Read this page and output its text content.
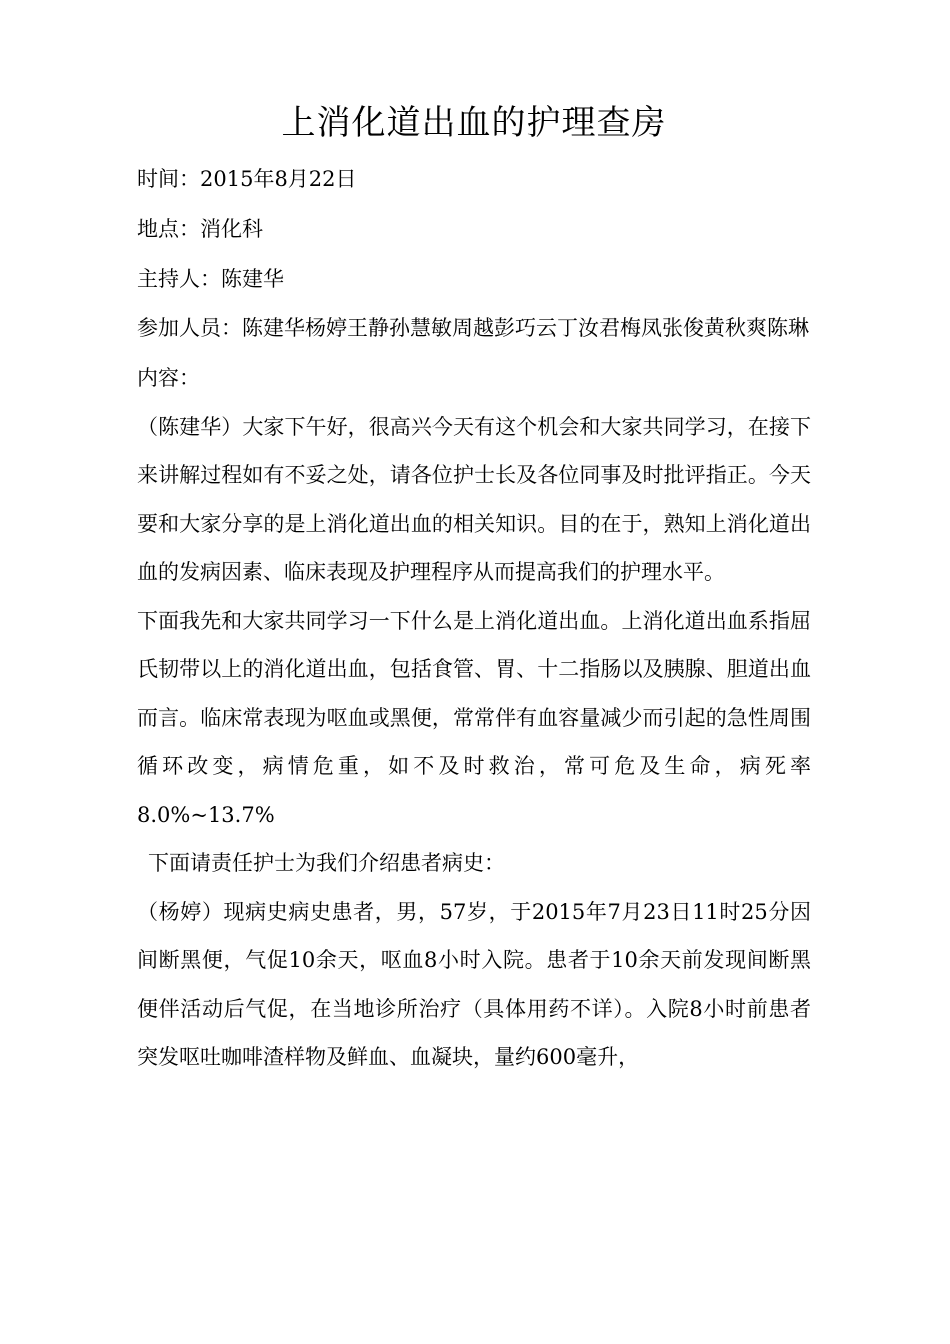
上消化道出血的护理查房

时间：2015年8月22日

地点：消化科

主持人：陈建华

参加人员：陈建华杨婷王静孙慧敏周越彭巧云丁汝君梅凤张俊黄秋爽陈琳

内容：

（陈建华）大家下午好，很高兴今天有这个机会和大家共同学习，在接下来讲解过程如有不妥之处，请各位护士长及各位同事及时批评指正。今天要和大家分享的是上消化道出血的相关知识。目的在于，熟知上消化道出血的发病因素、临床表现及护理程序从而提高我们的护理水平。

下面我先和大家共同学习一下什么是上消化道出血。上消化道出血系指屈氏韧带以上的消化道出血，包括食管、胃、十二指肠以及胰腺、胆道出血而言。临床常表现为呕血或黑便，常常伴有血容量减少而引起的急性周围循环改变，病情危重，如不及时救治，常可危及生命，病死率8.0%~13.7%

下面请责任护士为我们介绍患者病史：

（杨婷）现病史病史患者，男，57岁，于2015年7月23日11时25分因间断黑便，气促10余天，呕血8小时入院。患者于10余天前发现间断黑便伴活动后气促，在当地诊所治疗（具体用药不详）。入院8小时前患者突发呕吐咖啡渣样物及鲜血、血凝块，量约600毫升，
